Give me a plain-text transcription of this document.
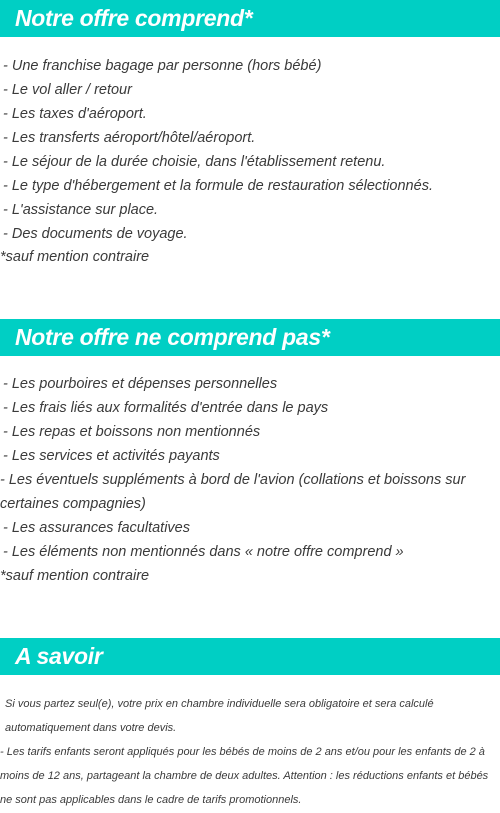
Notre offre comprend*
- Une franchise bagage par personne (hors bébé)
- Le vol aller / retour
- Les taxes d'aéroport.
- Les transferts aéroport/hôtel/aéroport.
- Le séjour de la durée choisie, dans l'établissement retenu.
- Le type d'hébergement et la formule de restauration sélectionnés.
- L'assistance sur place.
- Des documents de voyage.
*sauf mention contraire
Notre offre ne comprend pas*
- Les pourboires et dépenses personnelles
- Les frais liés aux formalités d'entrée dans le pays
- Les repas et boissons non mentionnés
- Les services et activités payants
- Les éventuels suppléments à bord de l'avion (collations et boissons sur certaines compagnies)
- Les assurances facultatives
- Les éléments non mentionnés dans « notre offre comprend »
*sauf mention contraire
A savoir

Si vous partez seul(e), votre prix en chambre individuelle sera obligatoire et sera calculé automatiquement dans votre devis.

- Les tarifs enfants seront appliqués pour les bébés de moins de 2 ans et/ou pour les enfants de 2 à moins de 12 ans, partageant la chambre de deux adultes. Attention : les réductions enfants et bébés ne sont pas applicables dans le cadre de tarifs promotionnels.
